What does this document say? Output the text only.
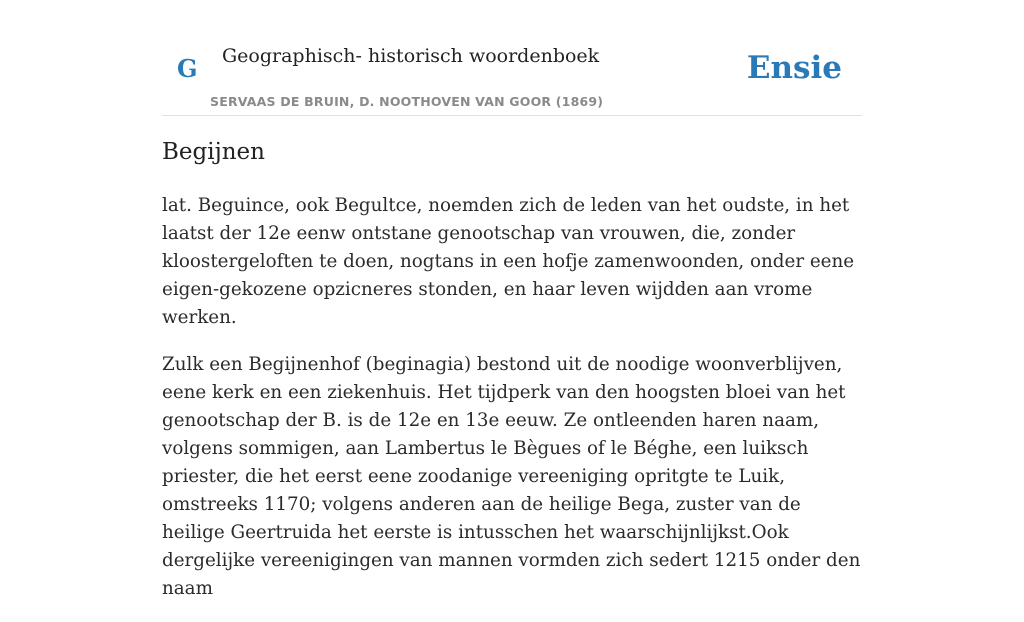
G Geographisch- historisch woordenboek
SERVAAS DE BRUIN, D. NOOTHOVEN VAN GOOR (1869)
Ensie
Begijnen

lat. Beguince, ook Begultce, noemden zich de leden van het oudste, in het laatst der 12e eenw ontstane genootschap van vrouwen, die, zonder kloostergeloften te doen, nogtans in een hofje zamenwoonden, onder eene eigen-gekozene opzicneres stonden, en haar leven wijdden aan vrome werken.

Zulk een Begijnenhof (beginagia) bestond uit de noodige woonverblijven, eene kerk en een ziekenhuis. Het tijdperk van den hoogsten bloei van het genootschap der B. is de 12e en 13e eeuw. Ze ontleenden haren naam, volgens sommigen, aan Lambertus le Bègues of le Béghe, een luiksch priester, die het eerst eene zoodanige vereeniging opritgte te Luik, omstreeks 1170; volgens anderen aan de heilige Bega, zuster van de heilige Geertruida het eerste is intusschen het waarschijnlijkst.Ook dergelijke vereenigingen van mannen vormden zich sedert 1215 onder den naam
